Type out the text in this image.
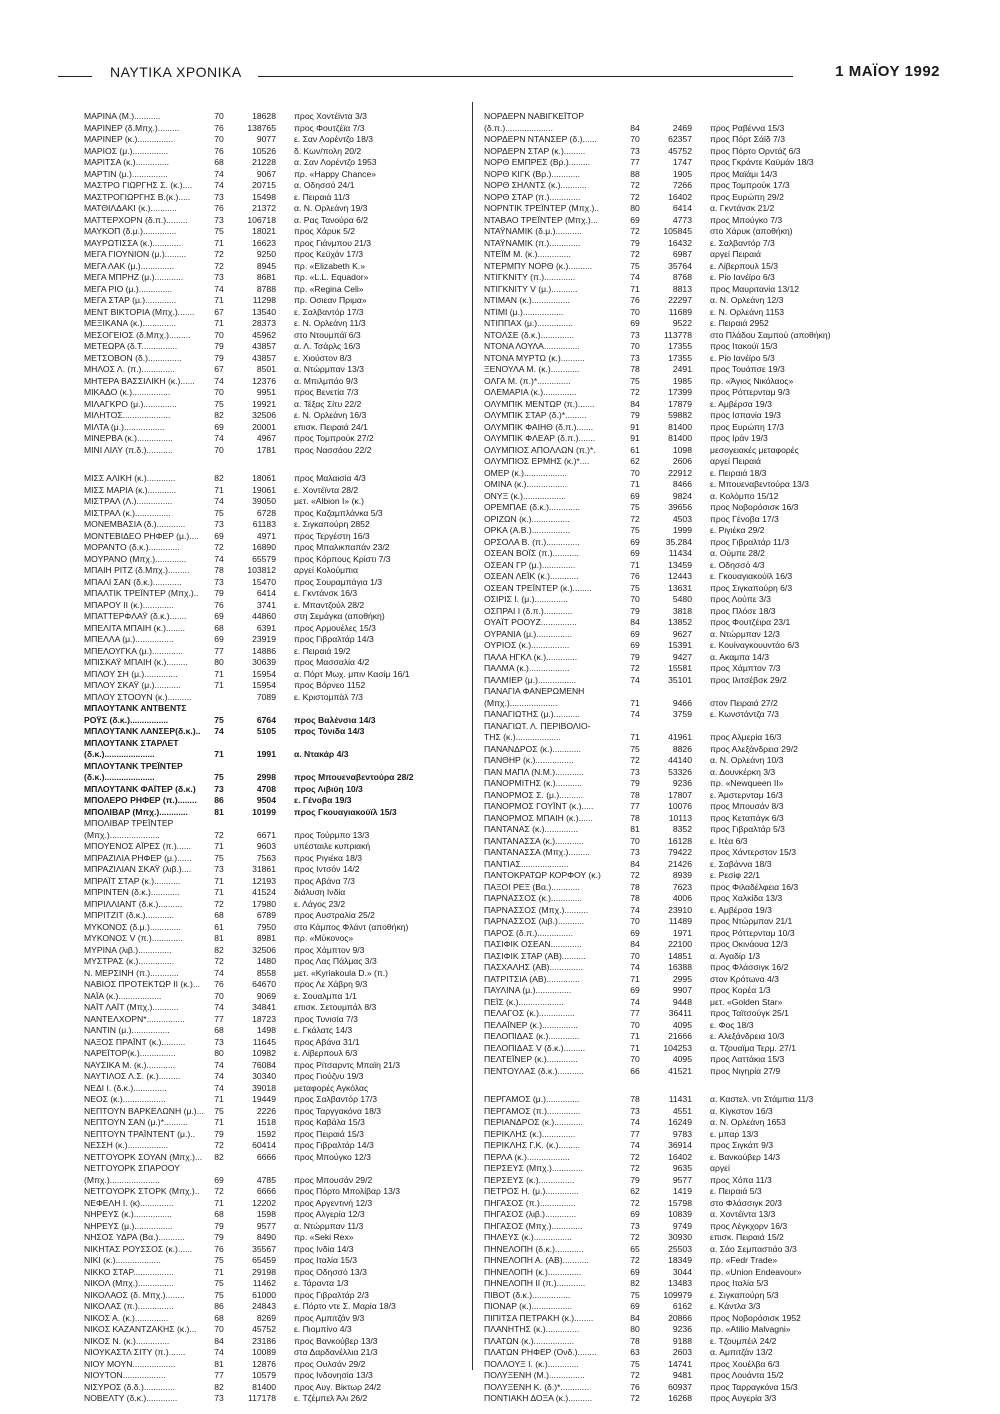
ΝΑΥΤΙΚΑ ΧΡΟΝΙΚΑ	1 ΜΑΪΟΥ 1992
ΜΑΡΙΝΑ (Μ.)...........	70	18628	προς Χοντέϊντα 3/3
ΜΑΡΙΝΕΡ (δ.Μπχ.).........	76	138765	προς Φουτζέϊα 7/3
ΜΑΡΙΝΕΡ (κ.)...............	70	9077	ε. Σαν Λορέντζο 18/3
ΜΑΡΙΟΣ (μ.)...............	76	10526	δ. Κων/πολη 20/2
ΜΑΡΙΤΣΑ (κ.)..............	68	21228	α. Σαν Λορέντζο 1953
ΜΑΡΤΙΝ (μ.)...............	74	9067	πρ. «Happy Chance»
ΜΑΣΤΡΟ ΓΙΩΡΓΗΣ Σ. (κ.)....	74	20715	α. Οδησσό 24/1
ΜΑΣΤΡΟΓΙΩΡΓΗΣ Β.(κ.).....	73	15498	ε. Πειραιά 11/3
ΜΑΤΘΙΛΔΑΚΙ (κ.)...........	76	21372	α. Ν. Ορλεάνη 19/3
ΜΑΤΤΕΡΧΟΡΝ (δ.π.).........	73	106718	α. Ρας Τανούρα 6/2
ΜΑΥΚΟΠ (δ.μ.)..............	75	18021	προς Χάρυκ 5/2
ΜΑΥΡΩΤΙΣΣΑ (κ.)............	71	16623	προς Γιάνμπου 21/3
ΜΕΓΑ ΓΙΟΥΝΙΟΝ (μ.).........	72	9250	προς Κεϋχάν 17/3
ΜΕΓΑ ΛΑΚ (μ.)..............	72	8945	πρ. «Elizabeth K.»
ΜΕΓΑ ΜΠΡΗΖ (μ.)............	73	8681	πρ. «L.L. Equador»
ΜΕΓΑ ΡΙΟ (μ.)..............	74	8788	πρ. «Regina Celi»
ΜΕΓΑ ΣΤΑΡ (μ.).............	71	11298	πρ. Οσιεαν Πριμα»
ΜΕΝΤ ΒΙΚΤΟΡΙΑ (Μπχ.).......	67	13540	ε. Σαλβαντόρ 17/3
ΜΕΞΙΚΑΝΑ (κ.)..............	71	28373	ε. Ν. Ορλεάνη 11/3
ΜΕΣΟΓΕΙΟΣ (δ.Μπχ.).........	70	45962	στο Ντουμπάϊ 6/3
ΜΕΤΕΩΡΑ (δ.Τ...............	79	43857	α. Λ. Τσάρλς 16/3
ΜΕΤΣΟΒΟΝ (δ.)..............	79	43857	ε. Χιούστον 8/3
ΜΗΛΟΣ Λ. (π.)..............	67	8501	α. Ντώρμπαν 13/3
ΜΗΤΕΡΑ ΒΑΣΣΙΛΙΚΗ (κ.)......	74	12376	α. Μπιλμπάο 9/3
ΜΙΚΑΔΟ (κ.)................	70	9951	προς Βενετία 7/3
ΜΙΛΑΓΚΡΟ (μ.)..............	75	19921	α. Τέξας Σίτυ 22/2
ΜΙΛΗΤΟΣ....................	82	32506	ε. Ν. Ορλεάνη 16/3
ΜΙΛΤΑ (μ.).................	69	20001	επισκ. Πειραιά 24/1
ΜΙΝΕΡΒΑ (κ.)...............	74	4967	προς Τομπρούκ 27/2
ΜΙΝΙ ΛΙΛΥ (π.δ.)...........	70	1781	προς Νασσάου 22/2
ΜΙΣΣ ΑΛΙΚΗ (κ.)............	82	18061	προς Μαλαισία 4/3
ΜΙΣΣ ΜΑΡΙΑ (κ.)............	71	19061	ε. Χοντέϊντα 28/2
ΜΙΣΤΡΑΛ (Λ.)...............	74	39050	μετ. «Albion I» (κ.)
ΜΙΣΤΡΑΛ (κ.)...............	75	6728	προς Καζαμπλάνκα 5/3
ΜΟΝΕΜΒΑΣΙΑ (δ.)............	73	61183	ε. Σιγκαπούρη 2852
ΜΟΝΤΕΒΙΔΕΟ ΡΗΦΕΡ (μ.)....	69	4971	προς Τεργέστη 16/3
ΜΟΡΑΝΤΟ (δ.κ.).............	72	16890	προς Μπαλικπαπάν 23/2
ΜΟΥΡΑΝΟ (Μπχ.).............	74	65579	προς Κόρπους Κρίστι 7/3
ΜΠΑΙΗ ΡΙΤΖ (δ.Μπχ.).........	78	103812	αργεί Κολούμπια
ΜΠΑΛΙ ΣΑΝ (δ.κ.)............	73	15470	προς Σουραμπάγια 1/3
ΜΠΑΛΤΙΚ ΤΡΕΪΝΤΕΡ (Μπχ.)..	79	6414	ε. Γκντάνσκ 16/3
ΜΠΑΡΟΥ ΙΙ (κ.).............	76	3741	ε. Μπαντζούλ 28/2
ΜΠΑΤΤΕΡΦΛΑΫ (δ.κ.).......	69	44860	στη Σεμάγκα (αποθήκη)
ΜΠΕΛΙΤΑ ΜΠΑΙΗ (κ.)........	68	6391	προς Αρμουέλες 15/3
ΜΠΕΛΛΑ (μ.)................	69	23919	προς Γιβραλτάρ 14/3
ΜΠΕΛΟΥΓΚΑ (μ.).............	77	14886	ε. Πειραιά 19/2
ΜΠΙΣΚΑΫ ΜΠΑΙΗ (κ.).........	80	30639	προς Μασσαλία 4/2
ΜΠΛΟΥ ΣΗ (μ.)..............	71	15954	α. Πόρτ Μωχ. μπιν Κασίμ 16/1
ΜΠΛΟΥ ΣΚΑΫ (μ.)...........	71	15954	προς Βόρνεο 1152
ΜΠΛΟΥ ΣΤΟΟΥΝ (κ.)..........	7089	ε. Κριστομπάλ 7/3
ΜΠΛΟΥΤΑΝΚ ΑΝΤΒΕΝΤΣ
ΡΟΫΣ (δ.κ.)................	75	6764	προς Βαλένσια 14/3
ΜΠΛΟΥΤΑΝΚ ΛΑΝΣΕΡ(δ.κ.)..	74	5105	προς Τύνιδα 14/3
ΜΠΛΟΥΤΑΝΚ ΣΤΑΡΛΕΤ
(δ.κ.).....................	71	1991	α. Ντακάρ 4/3
ΜΠΛΟΥΤΑΝΚ ΤΡΕΪΝΤΕΡ
(δ.κ.).....................	75	2998	προς Μπουεναβεντούρα 28/2
ΜΠΛΟΥΤΑΝΚ ΦΑΪΤΕΡ (δ.κ.)	73	4708	προς Λιβιύη 10/3
ΜΠΟΛΕΡΟ ΡΗΦΕΡ (π.)........	86	9504	ε. Γένοβα 19/3
ΜΠΟΛΙΒΑΡ (Μπχ.)............	81	10199	προς Γκουαγιακούϊλ 15/3
ΜΠΟΛΙΒΑΡ ΤΡΕΪΝΤΕΡ
(Μπχ.).....................	72	6671	προς Τούρμπο 13/3
ΜΠΟΥΕΝΟΣ ΑΪΡΕΣ (π.)......	71	9603	υπέσταιλε κυπριακή
ΜΠΡΑΖΙΛΙΑ ΡΗΦΕΡ (μ.)......	75	7563	προς Ριγιέκα 18/3
ΜΠΡΑΖΙΛΙΑΝ ΣΚΑΫ (λιβ.)....	73	31861	προς Ιντσόν 14/2
ΜΠΡΑΪΤ ΣΤΑΡ (κ.)...........	71	12193	προς Αβάνα 7/3
ΜΠΡΙΝΤΕΝ (δ.κ.)............	71	41524	διάλυση Ινδία
ΜΠΡΙΛΛΙΑΝΤ (δ.κ.)..........	72	17980	ε. Λάγος 23/2
ΜΠΡΙΤΖΙΤ (δ.κ.)............	68	6789	προς Αυστραλία 25/2
ΜΥΚΟΝΟΣ (δ.μ.).............	61	7950	στο Κάμπος Φλάντ (αποθήκη)
ΜΥΚΟΝΟΣ V (π.).............	81	8981	πρ. «Μύκονος»
ΜΥΡΙΝΑ (λιβ.)..............	82	32506	προς Χάμπτον 9/3
ΜΥΣΤΡΑΣ (κ.)...............	72	1480	προς Λας Πάλμας 3/3
Ν. ΜΕΡΣΙΝΗ (π.)............	74	8558	μετ. «Kyriakoula D.» (π.)
ΝΑΒΙΟΣ ΠΡΟΤΕΚΤΩΡ ΙΙ (κ.)...	76	64670	προς Λε Χάβρη 9/3
ΝΑΪΑ (κ.)..................	70	9069	ε. Σουαλμπα 1/1
ΝΑΪΤ ΛΑΪΤ (Μπχ.)...........	74	34841	επισκ. Σετουμπάλ 8/3
ΝΑΝΤΕΛΧΟΡΝ*................	77	18723	προς Τυνισία 7/3
ΝΑΝΤΙΝ (μ.)................	68	1498	ε. Γκάλατς 14/3
ΝΑΞΟΣ ΠΡΑΪΝΤ (κ.)..........	73	11645	προς Αβάνα 31/1
ΝΑΡΕΪΤΟΡ(κ.)...............	80	10982	ε. Λίβερπουλ 6/3
ΝΑΥΣΙΚΑ Μ. (κ.)............	74	76084	προς Ρίτσαρντς Μπαϊη 21/3
ΝΑΥΤΙΛΟΣ Λ.Σ. (κ.).........	74	30340	προς Γιούζνυ 19/3
ΝΕΔΙ Ι. (δ.κ.)..............	74	39018	μεταφορές Αγκόλας
ΝΕΟΣ (κ.)..................	71	19449	προς Σαλβαντόρ 17/3
ΝΕΠΤΟΥΝ ΒΑΡΚΕΛΩΝΗ (μ.)...	75	2226	προς Ταργγακόνα 18/3
ΝΕΠΤΟΥΝ ΣΑΝ (μ.)*..........	71	1518	προς Καβάλα 15/3
ΝΕΠΤΟΥΝ ΤΡΑΪΝΤΕΝΤ (μ.)..	79	1592	προς Πειραιά 15/3
ΝΕΣΣΗ (κ.).................	72	60414	προς Γιβραλτάρ 14/3
ΝΕΤΓΟΥΟΡΚ ΣΟΥΑΝ (Μπχ.)...	82	6666	προς Μπούγκο 12/3
ΝΕΤΓΟΥΟΡΚ ΣΠΑΡΟΟΥ
(Μπχ.).....................	69	4785	προς Μπουσάν 29/2
ΝΕΤΓΟΥΟΡΚ ΣΤΟΡΚ (Μπχ.)..	72	6666	προς Πόρτο Μπολίβαρ 13/3
ΝΕΦΕΛΗ Ι. (κ)..............	71	12202	προς Αργεντινή 12/3
ΝΗΡΕΥΣ (κ.)................	68	1598	προς Αλγερία 12/3
ΝΗΡΕΥΣ (μ.)................	79	9577	α. Ντώρμπαν 11/3
ΝΗΣΟΣ ΥΔΡΑ (Βα.)...........	79	8490	πρ. «Seki Rex»
ΝΙΚΗΤΑΣ ΡΟΥΣΣΟΣ (κ.)......	76	35567	προς Ινδία 14/3
ΝΙΚΙ (κ.)...................	75	65459	προς Ιταλία 15/3
ΝΙΚΚΟ ΣΤΑΡ.................	71	29198	προς Οδησσό 13/3
ΝΙΚΟΛ (Μπχ.)...............	75	11462	ε. Τάραντα 1/3
ΝΙΚΟΛΑΟΣ (δ. Μπχ.)........	75	61000	προς Γιβραλτάρ 2/3
ΝΙΚΟΛΑΣ (π.)...............	86	24843	ε. Πόρτο ντε Σ. Μαρία 18/3
ΝΙΚΟΣ Α. (κ.)..............	68	8269	προς Αμπιτζάν 9/3
ΝΙΚΟΣ ΚΑΖΑΝΤΖΑΚΗΣ (κ.)...	70	45752	ε. Πιομπίνο 4/3
ΝΙΚΟΣ Ν. (κ.)..............	84	23186	προς Βανκούβερ 13/3
ΝΙΟΥΚΑΣΤΛ ΣΙΤΥ (π.).......	74	10089	στα Δαρδανέλλια 21/3
ΝΙΟΥ ΜΟΥΝ..................	81	12876	προς Ουλσάν 29/2
ΝΙΟΥΤΟΝ..................	77	10579	προς Ινδονησία 13/3
ΝΙΣΥΡΟΣ (δ.δ.).............	82	81400	προς Αυγ. Βίκτωρ 24/2
ΝΟΒΕΛΤΥ (δ.κ.).............	73	117178	ε. Τζέμπελ Άλι 26/2
ΝΟΡΔΕΡΝ ΝΑΒΙΓΚΕΪΤΟΡ
(δ.π.)....................	84	2469	προς Ραβέννα 15/3
ΝΟΡΔΕΡΝ ΝΤΑΝΣΕΡ (δ.)......	70	62357	προς Πόρτ Σάϊδ 7/3
ΝΟΡΔΕΡΝ ΣΤΑΡ (κ.).........	73	45752	προς Πόρτο Ορντάζ 6/3
ΝΟΡΘ ΕΜΠΡΕΣ (Βρ.).........	77	1747	προς Γκράντε Καϋμάν 18/3
ΝΟΡΘ ΚΙΓΚ (Βρ.)............	88	1905	προς Μαϊάμι 14/3
ΝΟΡΘ ΣΗΛΝΤΣ (κ.)...........	72	7266	προς Τομπρούκ 17/3
ΝΟΡΘ ΣΤΑΡ (π.).............	72	16402	προς Ευρώπη 29/2
ΝΟΡΝΤΙΚ ΤΡΕΪΝΤΕΡ (Μπχ.)..	80	6414	α. Γκντάνσκ 21/2
ΝΤΑΒΑΟ ΤΡΕΪΝΤΕΡ (Μπχ.)...	69	4773	προς Μπούγκο 7/3
ΝΤΑΫΝΑΜΙΚ (δ.μ.)...........	72	105845	στο Χάρυκ (αποθήκη)
ΝΤΑΫΝΑΜΙΚ (π.).............	79	16432	ε. Σαλβαντόρ 7/3
ΝΤΕΪΜ Μ. (κ.)..............	72	6987	αργεί Πειραιά
ΝΤΕΡΜΠΥ ΝΟΡΘ (κ.)..........	75	35764	ε. Λίβερπουλ 15/3
ΝΤΙΓΚΝΙΤΥ (π.).............	74	8768	ε. Ρίο Ιανέϊρο 6/3
ΝΤΙΓΚΝΙΤΥ V (μ.)...........	71	8813	προς Μαυριτανία 13/12
ΝΤΙΜΑΝ (κ.)................	76	22297	α. Ν. Ορλεάνη 12/3
ΝΤΙΜΙ (μ.).................	70	11689	ε. Ν. Ορλεάνη 1153
ΝΤΙΠΠΑΧ (μ.)...............	69	9522	ε. Πειραιά 2952
ΝΤΟΛΣΕ (δ.κ.)..............	73	113778	στο Πλάδου Σαμπού (αποθήκη)
ΝΤΟΝΑ ΛΟΥΛΑ...............	70	17355	προς Ιτακούϊ 15/3
ΝΤΟΝΑ ΜΥΡΤΩ (κ.)..........	73	17355	ε. Ρίο Ιανέϊρο 5/3
ΞΕΝΟΥΛΑ Μ. (κ.)............	78	2491	προς Τουάπσε 19/3
ΟΛΓΑ Μ. (π.)*..............	75	1985	πρ. «Άγιος Νικόλαος»
ΟΛΕΜΑΡΙΑ (κ.)..............	72	17399	προς Ρόττερνταμ 9/3
ΟΛΥΜΠΙΚ ΜΕΝΤΩΡ (π.).......	84	17879	ε. Αμβέρσα 19/3
ΟΛΥΜΠΙΚ ΣΤΑΡ (δ.)*.........	79	59882	προς Ισπανία 19/3
ΟΛΥΜΠΙΚ ΦΑΙΗΘ (δ.π.).......	91	81400	προς Ευρώπη 17/3
ΟΛΥΜΠΙΚ ΦΛΕΑΡ (δ.π.).......	91	81400	προς Ιράν 19/3
ΟΛΥΜΠΙΟΣ ΑΠΟΛΛΩΝ (π.)*.	61	1098	μεσογειακές μεταφορές
ΟΛΥΜΠΙΟΣ ΕΡΜΗΣ (κ.)*....	62	2606	αργεί Πειραιά
ΟΜΕΡ (κ.)..................	70	22912	ε. Πειραιά 18/3
ΟΜΙΝΑ (κ.).................	71	8466	ε. Μπουεναβεντούρα 13/3
ΟΝΥΞ (κ.)..................	69	9824	α. Κολόμπο 15/12
ΟΡΕΜΠΑΕ (δ.κ.).............	75	39656	προς Νοβορόσισκ 16/3
ΟΡΙΖΩΝ (κ.)................	72	4503	προς Γένοβα 17/3
ΟΡΚΑ (Α.Β.)................	75	1999	ε. Ριγιέκα 29/2
ΟΡΣΟΛΑ Β. (π.)..............	69	35.284	προς Γιβραλτάρ 11/3
ΟΣΕΑΝ ΒΟΪΣ (π.)...........	69	11434	α. Ούμπε 28/2
ΟΣΕΑΝ ΓΡ (μ.)..............	71	13459	ε. Οδησσό 4/3
ΟΣΕΑΝ ΛΕΪΚ (κ.)............	76	12443	ε. Γκουαγιακούϊλ 16/3
ΟΣΕΑΝ ΤΡΕΪΝΤΕΡ (κ.)........	75	13631	προς Σιγκαπούρη 6/3
ΟΣΙΡΙΣ Ι. (μ.)..............	70	5480	προς Λούπε 3/3
ΟΣΠΡΑΙ Ι (δ.π.)............	79	3818	προς Πλόσε 18/3
ΟΥΑΪΤ ΡΟΟΥΖ...............	84	13852	προς Φουτζέιρα 23/1
ΟΥΡΑΝΙΑ (μ.)...............	69	9627	α. Ντώρμπαν 12/3
ΟΥΡΙΟΣ (κ.)................	69	15391	ε. Κουίναγκουυντάο 6/3
ΠΑΛΑ ΗΓΚΛ (κ.).............	79	9427	α. Ακαμπα 14/3
ΠΑΛΜΑ (κ.).................	72	15581	προς Χάμπτον 7/3
ΠΑΛΜΙΕΡ (μ.)................	74	35101	προς Ιλιτσέβσκ 29/2
ΠΑΝΑΓΙΑ ΦΑΝΕΡΩΜΕΝΗ
(Μπχ.)....................	71	9466	στον Πειραιά 27/2
ΠΑΝΑΓΙΩΤΗΣ (μ.)...........	74	3759	ε. Κωνστάντζα 7/3
ΠΑΝΑΓΙΩΤ. Λ. ΠΕΡΙΒΟΛΙΟ-
ΤΗΣ (κ.)...................	71	41961	προς Αλμερία 16/3
ΠΑΝΑΝΔΡΟΣ (κ.)............	75	8826	προς Αλεξάνδρεια 29/2
ΠΑΝΘΗΡ (κ.)................	72	44140	α. Ν. Ορλεάνη 10/3
ΠΑΝ ΜΑΠΛ (Ν.Μ.)............	73	53326	α. Δουνκέρκη 3/3
ΠΑΝΟΡΜΙΤΗΣ (κ.)...........	79	9236	πρ. «Newqueen II»
ΠΑΝΟΡΜΟΣ Σ. (μ.)..........	78	17807	ε. Άμστερνταμ 16/3
ΠΑΝΟΡΜΟΣ ΓΟΥΪΝΤ (κ.).....	77	10076	προς Μπουσάν 8/3
ΠΑΝΟΡΜΟΣ ΜΠΑΙΗ (κ.)......	78	10113	προς Κεταπάγκ 6/3
ΠΑΝΤΑΝΑΣ (κ.)..............	81	8352	προς Γιβραλτάρ 5/3
ΠΑΝΤΑΝΑΣΣΑ (κ.)............	70	16128	ε. Ιτέα 6/3
ΠΑΝΤΑΝΑΣΣΑ (Μπχ.).........	73	79422	προς Χάντερστον 15/3
ΠΑΝΤΙΑΣ....................	84	21426	ε. Σαβάννα 18/3
ΠΑΝΤΟΚΡΑΤΩΡ ΚΟΡΦΟΥ (κ.)	72	8939	ε. Ρεσίφ 22/1
ΠΑΞΟΙ ΡΕΞ (Βα.)............	78	7623	προς Φιλαδέλφεια 16/3
ΠΑΡΝΑΣΣΟΣ (κ.).............	78	4006	προς Χαλκίδα 13/3
ΠΑΡΝΑΣΣΟΣ (Μπχ.)..........	74	23910	ε. Αμβέρσα 19/3
ΠΑΡΝΑΣΣΟΣ (λιβ.)...........	70	11489	προς Ντώρμπαν 21/1
ΠΑΡΟΣ (δ.π.)...............	69	1971	προς Ρόττερνταμ 10/3
ΠΑΣΙΦΙΚ ΟΣΕΑΝ.............	84	22100	προς Οκινάουα 12/3
ΠΑΣΙΦΙΚ ΣΤΑΡ (ΑΒ)..........	70	14851	α. Αγαδίρ 1/3
ΠΑΣΧΑΛΗΣ (ΑΒ)..............	74	16388	προς Φλάσσιγκ 16/2
ΠΑΤΡΙΤΣΙΑ (ΑΒ)..............	71	2995	στον Κρότωνα 4/3
ΠΑΥΛΙΝΑ (μ.)...............	69	9907	προς Κορέα 1/3
ΠΕΪΣ (κ.)...................	74	9448	μετ. «Golden Star»
ΠΕΛΑΓΟΣ (κ.)...............	77	36411	προς Ταϊτσούγκ 25/1
ΠΕΛΑΪΝΕΡ (κ.)...............	70	4095	ε. Φος 18/3
ΠΕΛΟΠΙΔΑΣ (κ.).............	71	21666	ε. Αλεξάνδρεια 10/3
ΠΕΛΟΠΙΔΑΣ V (δ.κ.).........	71	104253	α. Τζουαϊμα Τερμ. 27/1
ΠΕΛΤΕΪΝΕΡ (κ.).............	70	4095	προς Λαττάκια 15/3
ΠΕΝΤΟΥΛΑΣ (δ.κ.)...........	66	41521	προς Νιγηρία 27/9
ΠΕΡΓΑΜΟΣ (μ.)..............	78	11431	α. Καστελ. ντι Στάμπια 11/3
ΠΕΡΓΑΜΟΣ (π.)..............	73	4551	α. Κίγκστον 16/3
ΠΕΡΙΑΝΔΡΟΣ (κ.)............	74	16249	α. Ν. Ορλεάνη 1653
ΠΕΡΙΚΛΗΣ (κ.)..............	77	9783	ε. μπαρ 13/3
ΠΕΡΙΚΛΗΣ Γ.Κ. (κ.).........	74	36914	προς Σιγκάπ 9/3
ΠΕΡΛΑ (κ.)..................	72	16402	ε. Βανκούβερ 14/3
ΠΕΡΣΕΥΣ (Μπχ.).............	72	9635	αργεί
ΠΕΡΣΕΥΣ (κ.)...............	79	9577	προς Χόπα 11/3
ΠΕΤΡΟΣ Η. (μ.)..............	62	1419	ε. Πειραιά 5/3
ΠΗΓΑΣΟΣ (π.)...............	72	15798	στο Φλάσσιγκ 20/3
ΠΗΓΑΣΟΣ (λιβ.).............	69	10839	α. Χοντέϊντα 13/3
ΠΗΓΑΣΟΣ (Μπχ.).............	73	9749	προς Λέγκχορν 16/3
ΠΗΛΕΥΣ (κ.)................	72	30930	επισκ. Πειραιά 15/2
ΠΗΝΕΛΟΠΗ (δ.κ.)............	65	25503	α. Σάο Σεμπαστιάο 3/3
ΠΗΝΕΛΟΠΗ Α. (ΑΒ)...........	72	18349	πρ. «Fedr Trade»
ΠΗΝΕΛΟΠΗ (κ.)..............	69	3044	πρ. «Union Endeavour»
ΠΗΝΕΛΟΠΗ ΙΙ (π.)............	82	13483	προς Ιταλία 5/3
ΠΙΒΟΤ (δ.κ.)................	75	109979	ε. Σιγκαπούρη 5/3
ΠΙΟΝΑΡ (κ.).................	69	6162	ε. Κάντλα 3/3
ΠΙΠΙΤΣΑ ΠΕΤΡΑΚΗ (κ.)........	84	20866	προς Νοβορόσισκ 1952
ΠΛΑΝΗΤΗΣ (κ.)..............	80	9236	πρ. «Atilio Malvagni»
ΠΛΑΤΩΝ (κ.).................	78	9188	ε. Τζουμπέιλ 24/2
ΠΛΑΤΩΝ ΡΗΦΕΡ (Ονδ.)........	63	2603	α. Αμπιτζάν 13/2
ΠΟΛΛΟΥΞ Ι. (κ.).............	75	14741	προς Χουέλβα 6/3
ΠΟΛΥΞΕΝΗ (Μ.)...............	72	9481	προς Λουάντα 15/2
ΠΟΛΥΞΕΝΗ Κ. (δ.)*............	76	60937	προς Ταρραγκόνα 15/3
ΠΟΝΤΙΑΚΗ ΔΟΞΑ (κ.)..........	72	16268	προς Αυγερία 3/3
